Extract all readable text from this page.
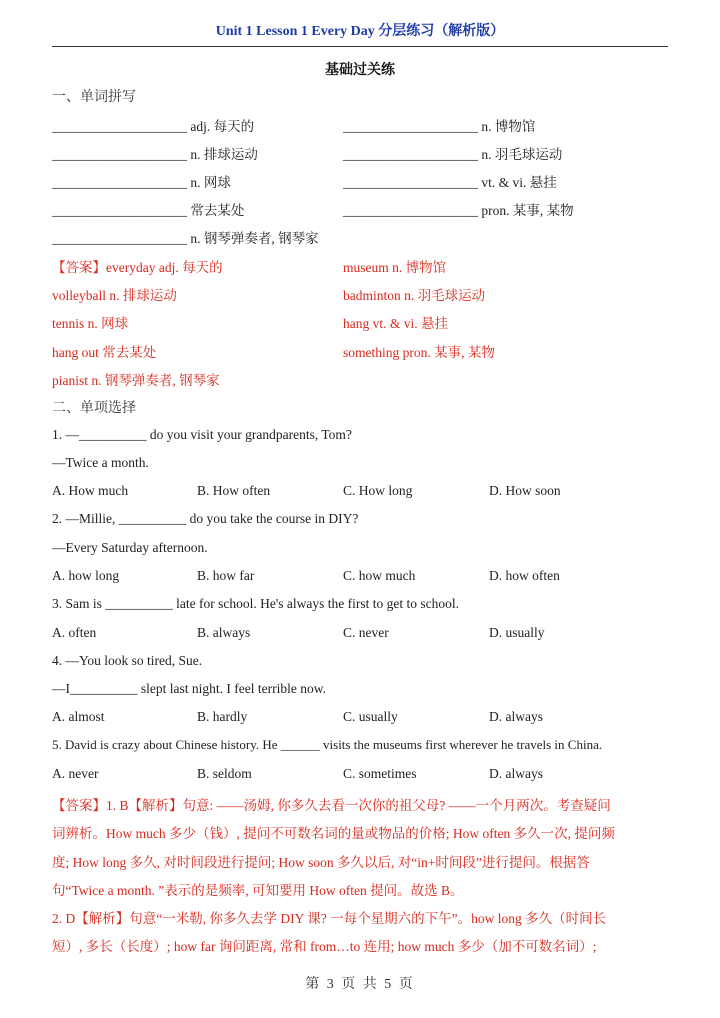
Unit 1 Lesson 1 Every Day 分层练习（解析版）
基础过关练
一、单词拼写
____________________ adj. 每天的	____________________ n. 博物馆
____________________ n. 排球运动	____________________ n. 羽毛球运动
____________________ n. 网球	____________________ vt. & vi. 悬挂
____________________ 常去某处	____________________ pron. 某事, 某物
____________________ n. 钢琴弹奏者, 钢琴家
【答案】everyday adj. 每天的	museum n. 博物馆
volleyball n. 排球运动	badminton n. 羽毛球运动
tennis n. 网球	hang vt. & vi. 悬挂
hang out 常去某处	something pron. 某事, 某物
pianist n. 钢琴弹奏者, 钢琴家
二、单项选择
1. —__________ do you visit your grandparents, Tom?
—Twice a month.
A. How much	B. How often	C. How long	D. How soon
2. —Millie, __________ do you take the course in DIY?
—Every Saturday afternoon.
A. how long	B. how far	C. how much	D. how often
3. Sam is __________ late for school. He's always the first to get to school.
A. often	B. always	C. never	D. usually
4. —You look so tired, Sue.
—I__________ slept last night. I feel terrible now.
A. almost	B. hardly	C. usually	D. always
5. David is crazy about Chinese history. He ______ visits the museums first wherever he travels in China.
A. never	B. seldom	C. sometimes	D. always
【答案】1. B【解析】句意: ——汤姆, 你多久去看一次你的祖父母? ——一个月两次。考查疑问
词辨析。How much 多少（钱）, 提问不可数名词的量或物品的价格; How often 多久一次, 提问频
度; How long 多久, 对时间段进行提问; How soon 多久以后, 对“in+时间段”进行提问。根据答
句“Twice a month. ”表示的是频率, 可知要用 How often 提问。故选 B。
2. D【解析】句意“一米勒, 你多久去学 DIY 课? 一每个星期六的下午”。how long 多久（时间长
短）, 多长（长度）; how far 询问距离, 常和 from…to 连用; how much 多少（加不可数名词）;
第 3 页 共 5 页
